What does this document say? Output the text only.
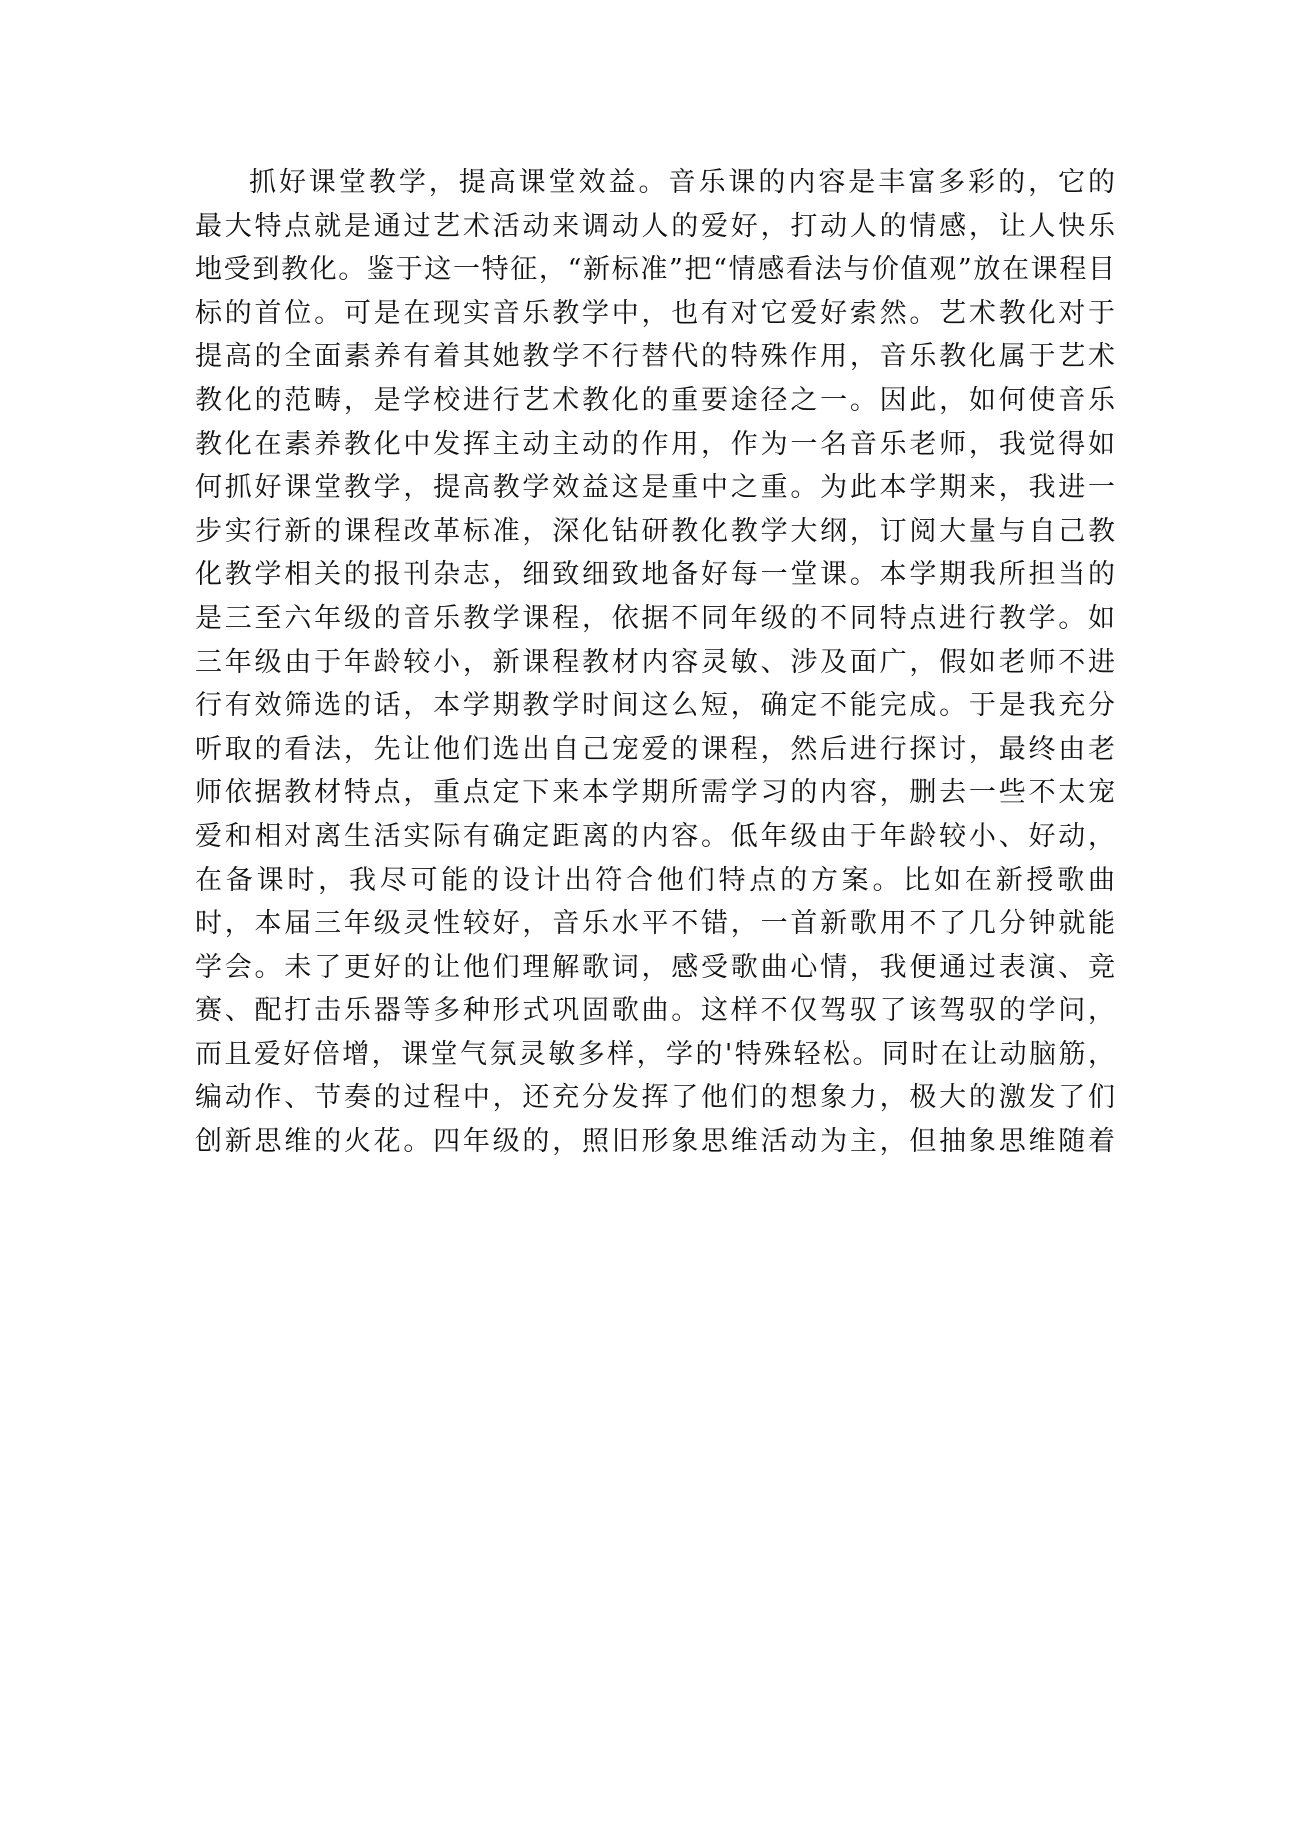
抓好课堂教学，提高课堂效益。音乐课的内容是丰富多彩的，它的
最大特点就是通过艺术活动来调动人的爱好，打动人的情感，让人快乐
地受到教化。鉴于这一特征，“新标准”把“情感看法与价值观”放在课程目
标的首位。可是在现实音乐教学中，也有对它爱好索然。艺术教化对于
提高的全面素养有着其她教学不行替代的特殊作用，音乐教化属于艺术
教化的范畴，是学校进行艺术教化的重要途径之一。因此，如何使音乐
教化在素养教化中发挥主动主动的作用，作为一名音乐老师，我觉得如
何抓好课堂教学，提高教学效益这是重中之重。为此本学期来，我进一
步实行新的课程改革标准，深化钻研教化教学大纲，订阅大量与自己教
化教学相关的报刊杂志，细致细致地备好每一堂课。本学期我所担当的
是三至六年级的音乐教学课程，依据不同年级的不同特点进行教学。如
三年级由于年龄较小，新课程教材内容灵敏、涉及面广，假如老师不进
行有效筛选的话，本学期教学时间这么短，确定不能完成。于是我充分
听取的看法，先让他们选出自己宠爱的课程，然后进行探讨，最终由老
师依据教材特点，重点定下来本学期所需学习的内容，删去一些不太宠
爱和相对离生活实际有确定距离的内容。低年级由于年龄较小、好动，
在备课时，我尽可能的设计出符合他们特点的方案。比如在新授歌曲
时，本届三年级灵性较好，音乐水平不错，一首新歌用不了几分钟就能
学会。未了更好的让他们理解歌词，感受歌曲心情，我便通过表演、竞
赛、配打击乐器等多种形式巩固歌曲。这样不仅驾驭了该驾驭的学问，
而且爱好倍增，课堂气氛灵敏多样，学的'特殊轻松。同时在让动脑筋，
编动作、节奏的过程中，还充分发挥了他们的想象力，极大的激发了们
创新思维的火花。四年级的，照旧形象思维活动为主，但抽象思维随着
